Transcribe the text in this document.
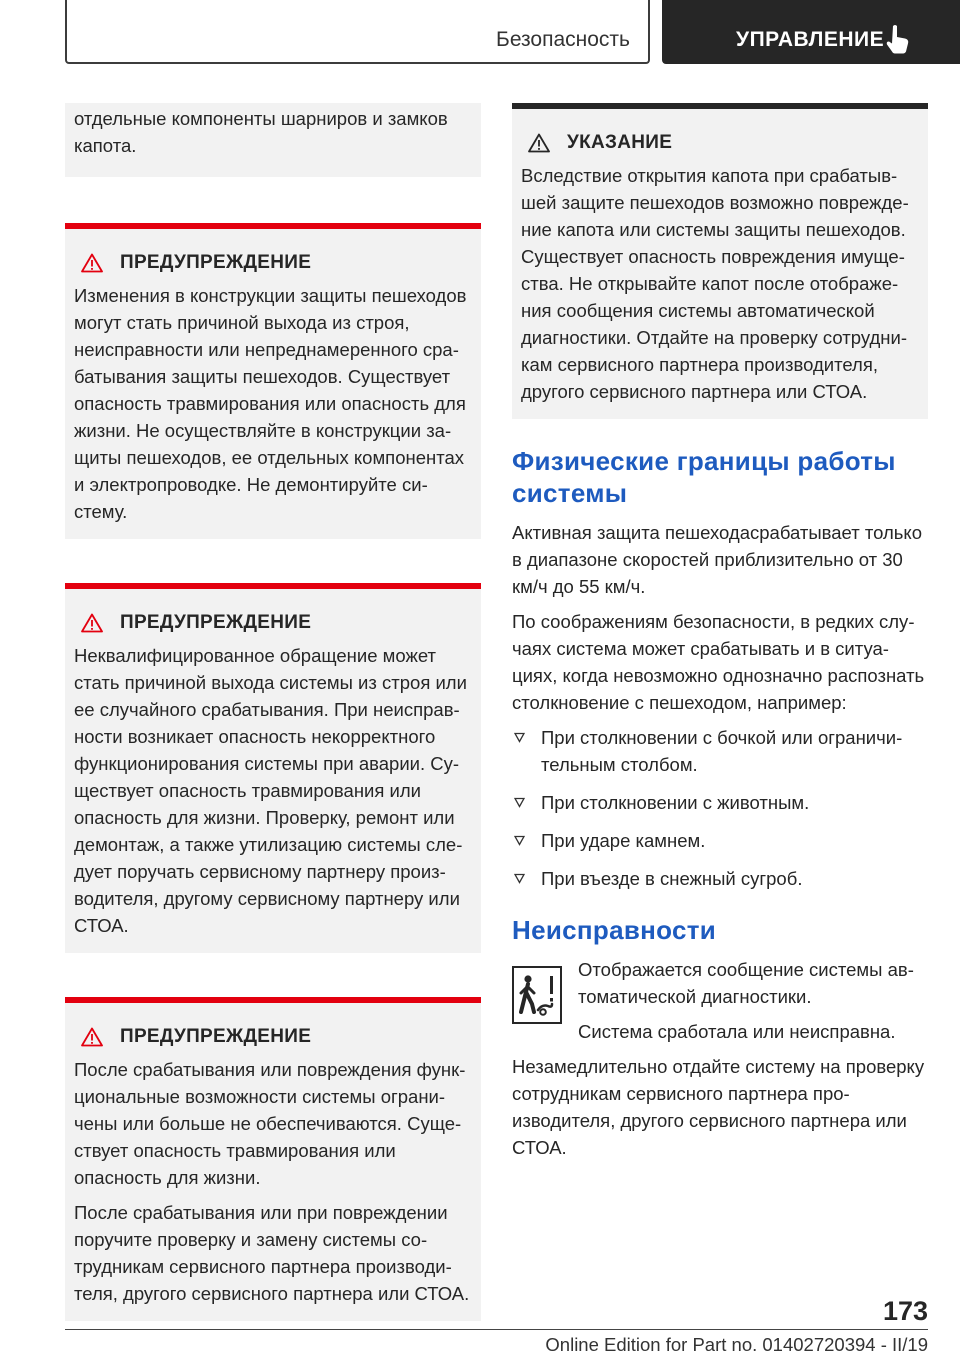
Безопасность	УПРАВЛЕНИЕ

отдельные компоненты шарниров и замков капота.

ПРЕДУПРЕЖДЕНИЕ

Изменения в конструкции защиты пешеходов могут стать причиной выхода из строя, неисправности или непреднамеренного срабатывания защиты пешеходов. Существует опасность травмирования или опасность для жизни. Не осуществляйте в конструкции защиты пешеходов, ее отдельных компонентах и электропроводке. Не демонтируйте систему.

ПРЕДУПРЕЖДЕНИЕ

Неквалифицированное обращение может стать причиной выхода системы из строя или ее случайного срабатывания. При неисправности возникает опасность некорректного функционирования системы при аварии. Существует опасность травмирования или опасность для жизни. Проверку, ремонт или демонтаж, а также утилизацию системы следует поручать сервисному партнеру производителя, другому сервисному партнеру или СТОА.

ПРЕДУПРЕЖДЕНИЕ

После срабатывания или повреждения функциональные возможности системы ограничены или больше не обеспечиваются. Существует опасность травмирования или опасность для жизни.

После срабатывания или при повреждении поручите проверку и замену системы сотрудникам сервисного партнера производителя, другого сервисного партнера или СТОА.

УКАЗАНИЕ

Вследствие открытия капота при срабатывшей защите пешеходов возможно повреждение капота или системы защиты пешеходов. Существует опасность повреждения имущества. Не открывайте капот после отображения сообщения системы автоматической диагностики. Отдайте на проверку сотрудникам сервисного партнера производителя, другого сервисного партнера или СТОА.

Физические границы работы системы

Активная защита пешеходасрабатывает только в диапазоне скоростей приблизительно от 30 км/ч до 55 км/ч.

По соображениям безопасности, в редких случаях система может срабатывать и в ситуациях, когда невозможно однозначно распознать столкновение с пешеходом, например:

При столкновении с бочкой или ограничительным столбом.
При столкновении с животным.
При ударе камнем.
При въезде в снежный сугроб.
Неисправности

Отображается сообщение системы автоматической диагностики.

Система сработала или неисправна.

Незамедлительно отдайте систему на проверку сотрудникам сервисного партнера производителя, другого сервисного партнера или СТОА.

173
Online Edition for Part no. 01402720394 - II/19
